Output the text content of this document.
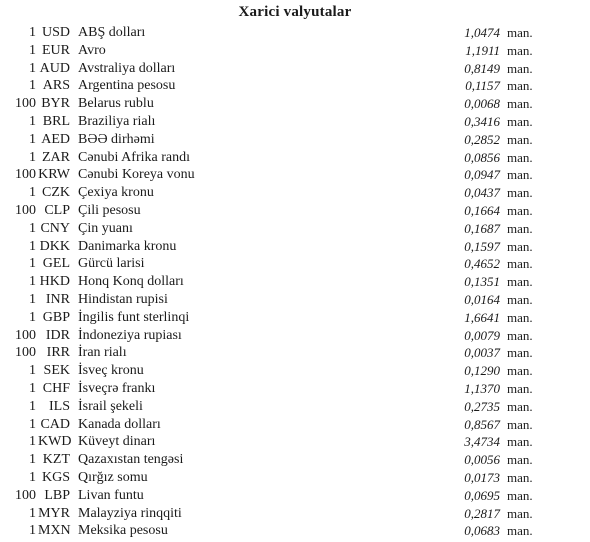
Xarici valyutalar
1 USD ABŞ dolları	1,0474 man.
1 EUR Avro	1,1911 man.
1 AUD Avstraliya dolları	0,8149 man.
1 ARS Argentina pesosu	0,1157 man.
100 BYR Belarus rublu	0,0068 man.
1 BRL Braziliya rialı	0,3416 man.
1 AED BƏƏ dirhəmi	0,2852 man.
1 ZAR Cənubi Afrika randı	0,0856 man.
100 KRW Cənubi Koreya vonu	0,0947 man.
1 CZK Çexiya kronu	0,0437 man.
100 CLP Çili pesosu	0,1664 man.
1 CNY Çin yuanı	0,1687 man.
1 DKK Danimarka kronu	0,1597 man.
1 GEL Gürcü larisi	0,4652 man.
1 HKD Honq Konq dolları	0,1351 man.
1 INR Hindistan rupisi	0,0164 man.
1 GBP İngilis funt sterlinqi	1,6641 man.
100 IDR İndoneziya rupiası	0,0079 man.
100 IRR İran rialı	0,0037 man.
1 SEK İsveç kronu	0,1290 man.
1 CHF İsveçrə frankı	1,1370 man.
1 ILS İsrail şekeli	0,2735 man.
1 CAD Kanada dolları	0,8567 man.
1 KWD Küveyt dinarı	3,4734 man.
1 KZT Qazaxıstan tengəsi	0,0056 man.
1 KGS Qırğız somu	0,0173 man.
100 LBP Livan funtu	0,0695 man.
1 MYR Malayziya rinqqiti	0,2817 man.
1 MXN Meksika pesosu	0,0683 man.
